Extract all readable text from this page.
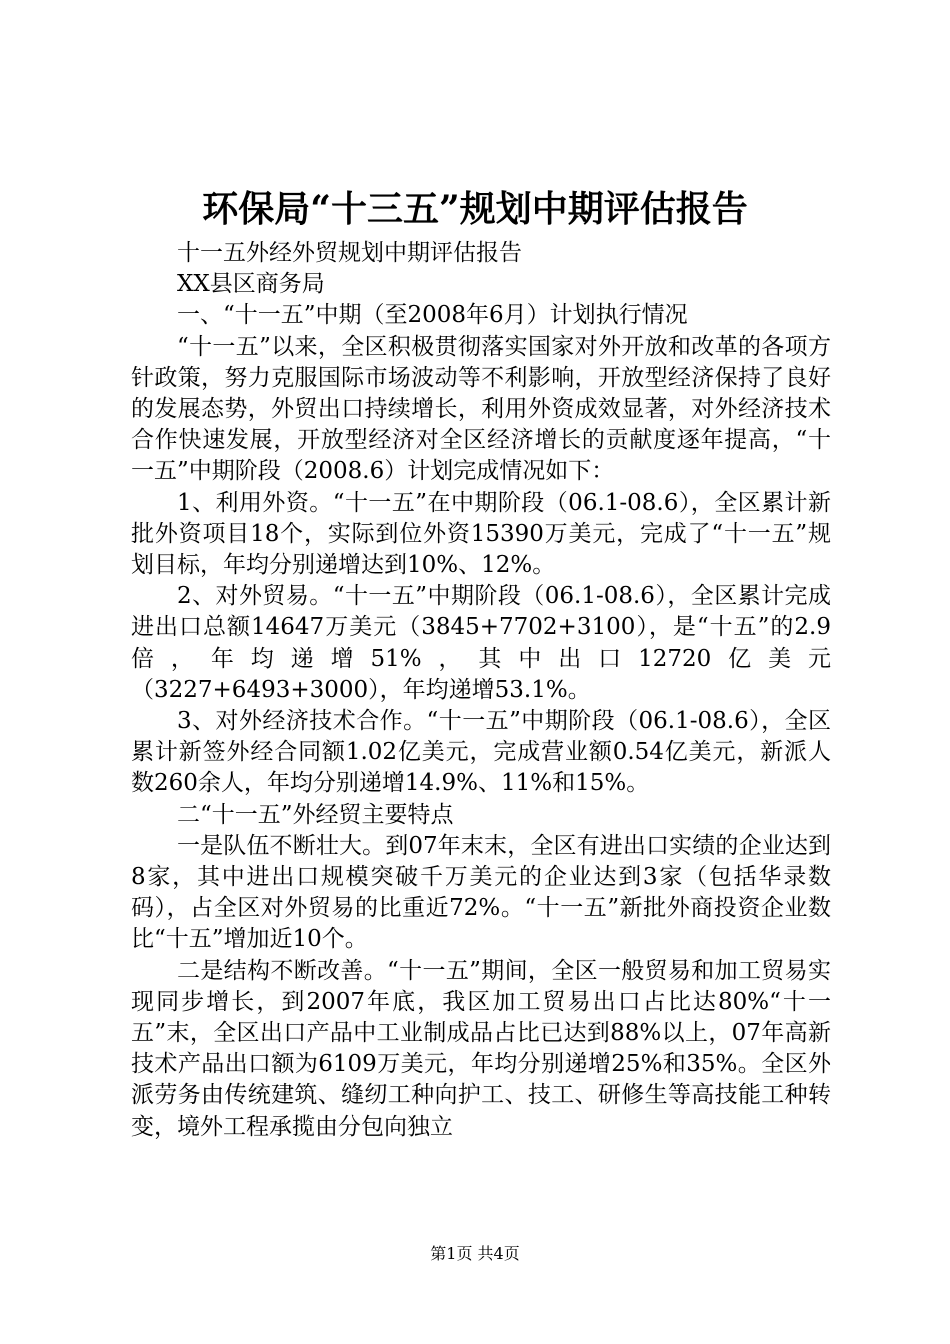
环保局“十三五”规划中期评估报告

十一五外经外贸规划中期评估报告

XX县区商务局

一、“十一五”中期（至2008年6月）计划执行情况

“十一五”以来，全区积极贯彻落实国家对外开放和改革的各项方针政策，努力克服国际市场波动等不利影响，开放型经济保持了良好的发展态势，外贸出口持续增长，利用外资成效显著，对外经济技术合作快速发展，开放型经济对全区经济增长的贡献度逐年提高，“十一五”中期阶段（2008.6）计划完成情况如下：

1、利用外资。“十一五”在中期阶段（06.1-08.6），全区累计新批外资项目18个，实际到位外资15390万美元，完成了“十一五”规划目标，年均分别递增达到10%、12%。

2、对外贸易。“十一五”中期阶段（06.1-08.6），全区累计完成进出口总额14647万美元（3845+7702+3100），是“十五”的2.9倍，年均递增51%，其中出口12720亿美元（3227+6493+3000），年均递增53.1%。

3、对外经济技术合作。“十一五”中期阶段（06.1-08.6），全区累计新签外经合同额1.02亿美元，完成营业额0.54亿美元，新派人数260余人，年均分别递增14.9%、11%和15%。

二“十一五”外经贸主要特点

一是队伍不断壮大。到07年末末，全区有进出口实绩的企业达到8家，其中进出口规模突破千万美元的企业达到3家（包括华录数码），占全区对外贸易的比重近72%。“十一五”新批外商投资企业数比“十五”增加近10个。

二是结构不断改善。“十一五”期间，全区一般贸易和加工贸易实现同步增长，到2007年底，我区加工贸易出口占比达80%“十一五”末，全区出口产品中工业制成品占比已达到88%以上，07年高新技术产品出口额为6109万美元，年均分别递增25%和35%。全区外派劳务由传统建筑、缝纫工种向护工、技工、研修生等高技能工种转变，境外工程承揽由分包向独立

第1页 共4页
